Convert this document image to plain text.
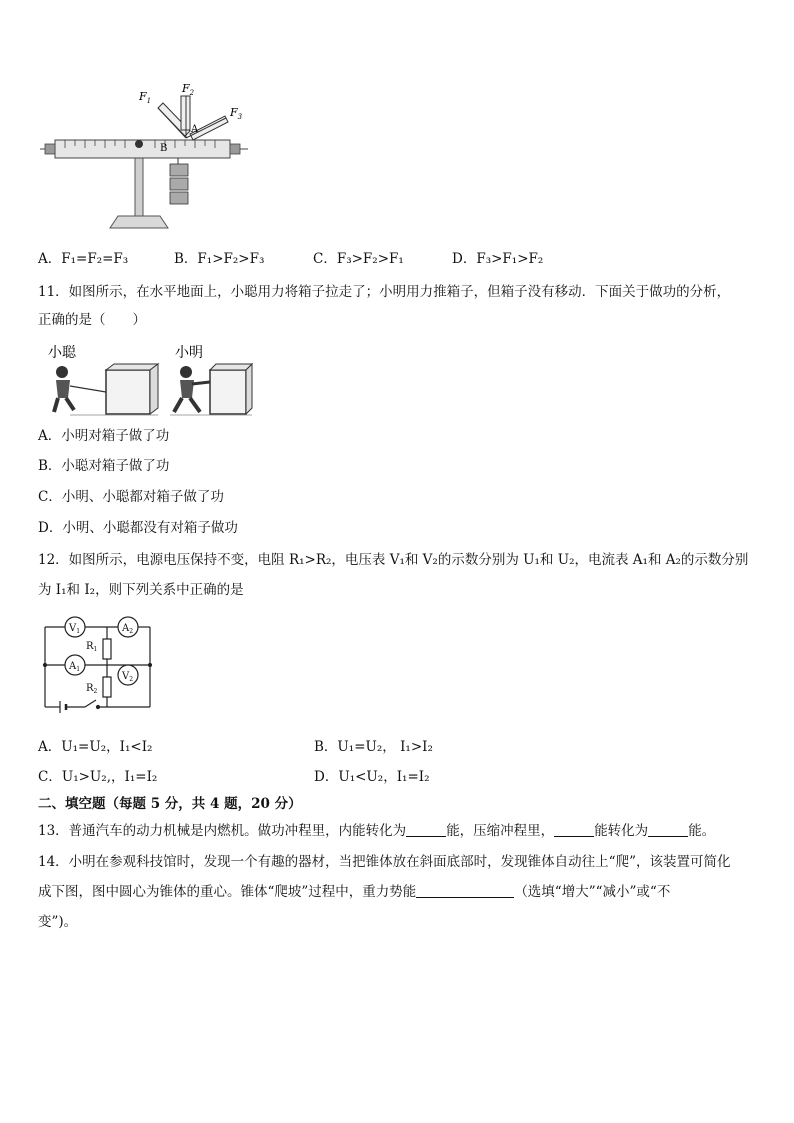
$F_1$
$F_2$
$F_3$
A
B
A．F₁=F₂=F₃	B．F₁>F₂>F₃	C．F₃>F₂>F₁	D．F₃>F₁>F₂
11．如图所示，在水平地面上，小聪用力将箱子拉走了；小明用力推箱子，但箱子没有移动．下面关于做功的分析，
正确的是（　　）
小聪	小明
A．小明对箱子做了功
B．小聪对箱子做了功
C．小明、小聪都对箱子做了功
D．小明、小聪都没有对箱子做功
12．如图所示，电源电压保持不变，电阻 R₁>R₂，电压表 V₁和 V₂的示数分别为 U₁和 U₂，电流表 A₁和 A₂的示数分别
为 I₁和 I₂，则下列关系中正确的是
$V_1$	$A_2$
$A_1$
$V_2$
$R_1$
$R_2$
A．U₁=U₂，I₁<I₂	B．U₁=U₂， I₁>I₂
C．U₁>U₂,，I₁=I₂	D．U₁<U₂，I₁=I₂
二、填空题（每题 5 分，共 4 题，20 分）
13．普通汽车的动力机械是内燃机。做功冲程里，内能转化为	能，压缩冲程里，	能转化为	能。
14．小明在参观科技馆时，发现一个有趣的器材，当把锥体放在斜面底部时，发现锥体自动往上“爬”，该装置可简化
成下图，图中圆心为锥体的重心。锥体“爬坡”过程中，重力势能	（选填“增大”“减小”或“不
变”)。
